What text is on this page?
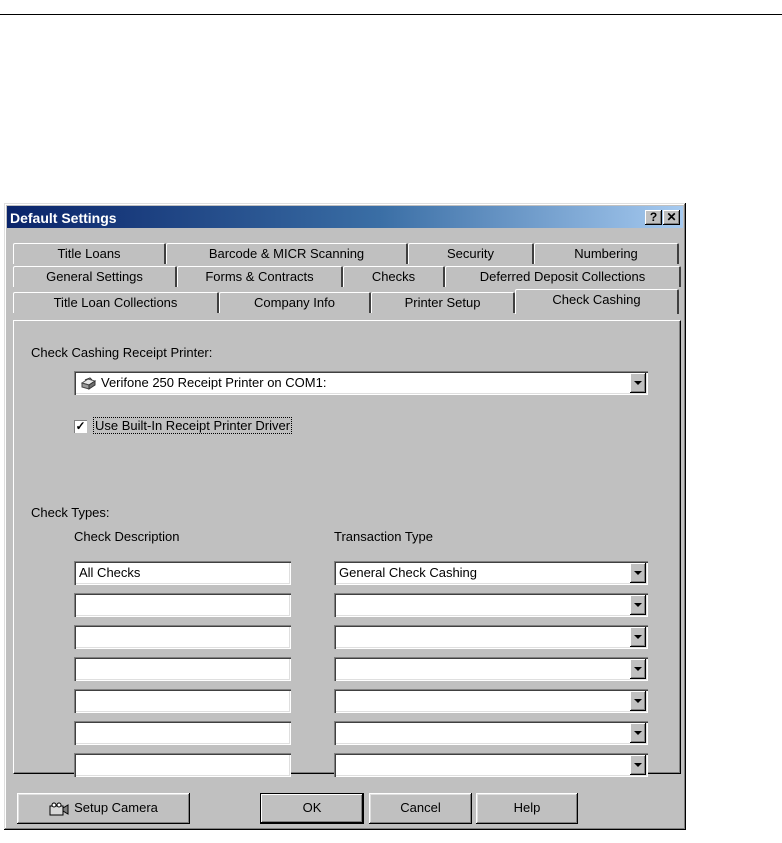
Default Settings	? ✕
Title Loans	Barcode & MICR Scanning	Security	Numbering
General Settings	Forms & Contracts	Checks	Deferred Deposit Collections
Title Loan Collections	Company Info	Printer Setup	Check Cashing
Check Cashing Receipt Printer:
Verifone 250 Receipt Printer on COM1:
✓ Use Built-In Receipt Printer Driver
Check Types:
Check Description	Transaction Type
All Checks	General Check Cashing
Setup Camera	OK	Cancel	Help
